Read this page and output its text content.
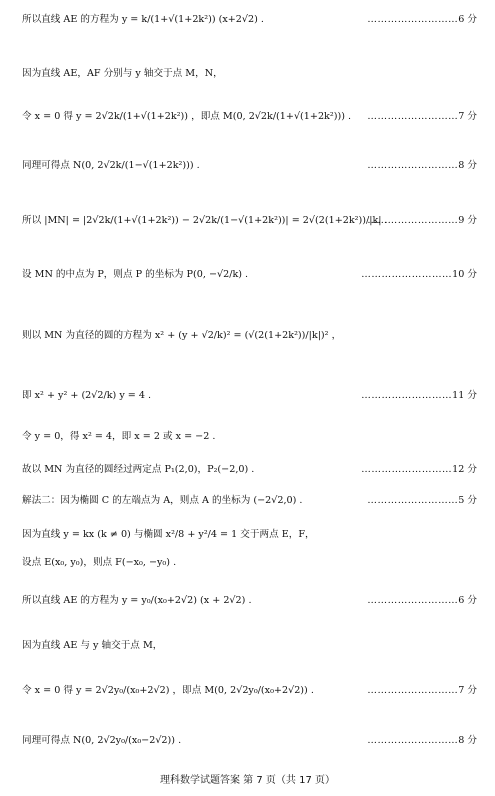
所以直线 AE 的方程为 y = k/(1+√(1+2k²)) (x+2√2) .	………………………6 分
因为直线 AE，AF 分别与 y 轴交于点 M，N，
令 x = 0 得 y = 2√2k/(1+√(1+2k²)) ，即点 M(0, 2√2k/(1+√(1+2k²))) . ………………………7 分
同理可得点 N(0, 2√2k/(1−√(1+2k²))) .	………………………8 分
所以 |MN| = |2√2k/(1+√(1+2k²)) − 2√2k/(1−√(1+2k²))| = 2√(2(1+2k²))/|k| .
………………………9 分
设 MN 的中点为 P，则点 P 的坐标为 P(0, −√2/k) .	………………………10 分
则以 MN 为直径的圆的方程为 x² + (y + √2/k)² = (√(2(1+2k²))/|k|)² ，
即 x² + y² + (2√2/k) y = 4 .	………………………11 分
令 y = 0，得 x² = 4，即 x = 2 或 x = −2 .
故以 MN 为直径的圆经过两定点 P₁(2,0)，P₂(−2,0) .	………………………12 分
解法二：因为椭圆 C 的左端点为 A，则点 A 的坐标为 (−2√2,0) .	………………………5 分
因为直线 y = kx (k ≠ 0) 与椭圆 x²/8 + y²/4 = 1 交于两点 E，F，
设点 E(x₀, y₀)，则点 F(−x₀, −y₀) .
所以直线 AE 的方程为 y = y₀/(x₀+2√2) (x + 2√2) .	………………………6 分
因为直线 AE 与 y 轴交于点 M，
令 x = 0 得 y = 2√2y₀/(x₀+2√2) ，即点 M(0, 2√2y₀/(x₀+2√2)) .	………………………7 分
同理可得点 N(0, 2√2y₀/(x₀−2√2)) .	………………………8 分
理科数学试题答案 第 7 页（共 17 页）
